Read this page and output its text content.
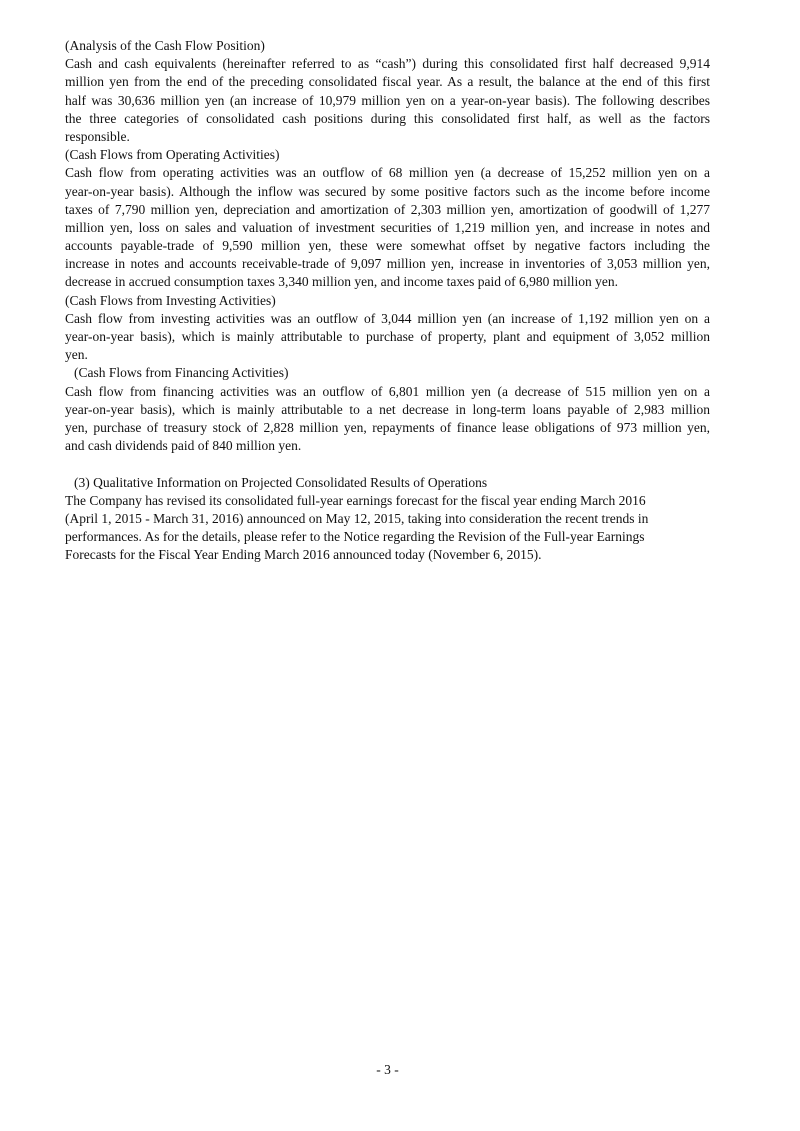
(Analysis of the Cash Flow Position)
Cash and cash equivalents (hereinafter referred to as “cash”) during this consolidated first half decreased 9,914
million yen from the end of the preceding consolidated fiscal year. As a result, the balance at the end of this first
half was 30,636 million yen (an increase of 10,979 million yen on a year-on-year basis). The following describes
the three categories of consolidated cash positions during this consolidated first half, as well as the factors
responsible.
(Cash Flows from Operating Activities)
Cash flow from operating activities was an outflow of 68 million yen (a decrease of 15,252 million yen on a
year-on-year basis). Although the inflow was secured by some positive factors such as the income before income
taxes of 7,790 million yen, depreciation and amortization of 2,303 million yen, amortization of goodwill of 1,277
million yen, loss on sales and valuation of investment securities of 1,219 million yen, and increase in notes and
accounts payable-trade of 9,590 million yen, these were somewhat offset by negative factors including the
increase in notes and accounts receivable-trade of 9,097 million yen, increase in inventories of 3,053 million yen,
decrease in accrued consumption taxes 3,340 million yen, and income taxes paid of 6,980 million yen.
(Cash Flows from Investing Activities)
Cash flow from investing activities was an outflow of 3,044 million yen (an increase of 1,192 million yen on a
year-on-year basis), which is mainly attributable to purchase of property, plant and equipment of 3,052 million
yen.
(Cash Flows from Financing Activities)
Cash flow from financing activities was an outflow of 6,801 million yen (a decrease of 515 million yen on a
year-on-year basis), which is mainly attributable to a net decrease in long-term loans payable of 2,983 million
yen, purchase of treasury stock of 2,828 million yen, repayments of finance lease obligations of 973 million yen,
and cash dividends paid of 840 million yen.
(3) Qualitative Information on Projected Consolidated Results of Operations
The Company has revised its consolidated full-year earnings forecast for the fiscal year ending March 2016
(April 1, 2015 - March 31, 2016) announced on May 12, 2015, taking into consideration the recent trends in
performances. As for the details, please refer to the Notice regarding the Revision of the Full-year Earnings
Forecasts for the Fiscal Year Ending March 2016 announced today (November 6, 2015).
- 3 -
